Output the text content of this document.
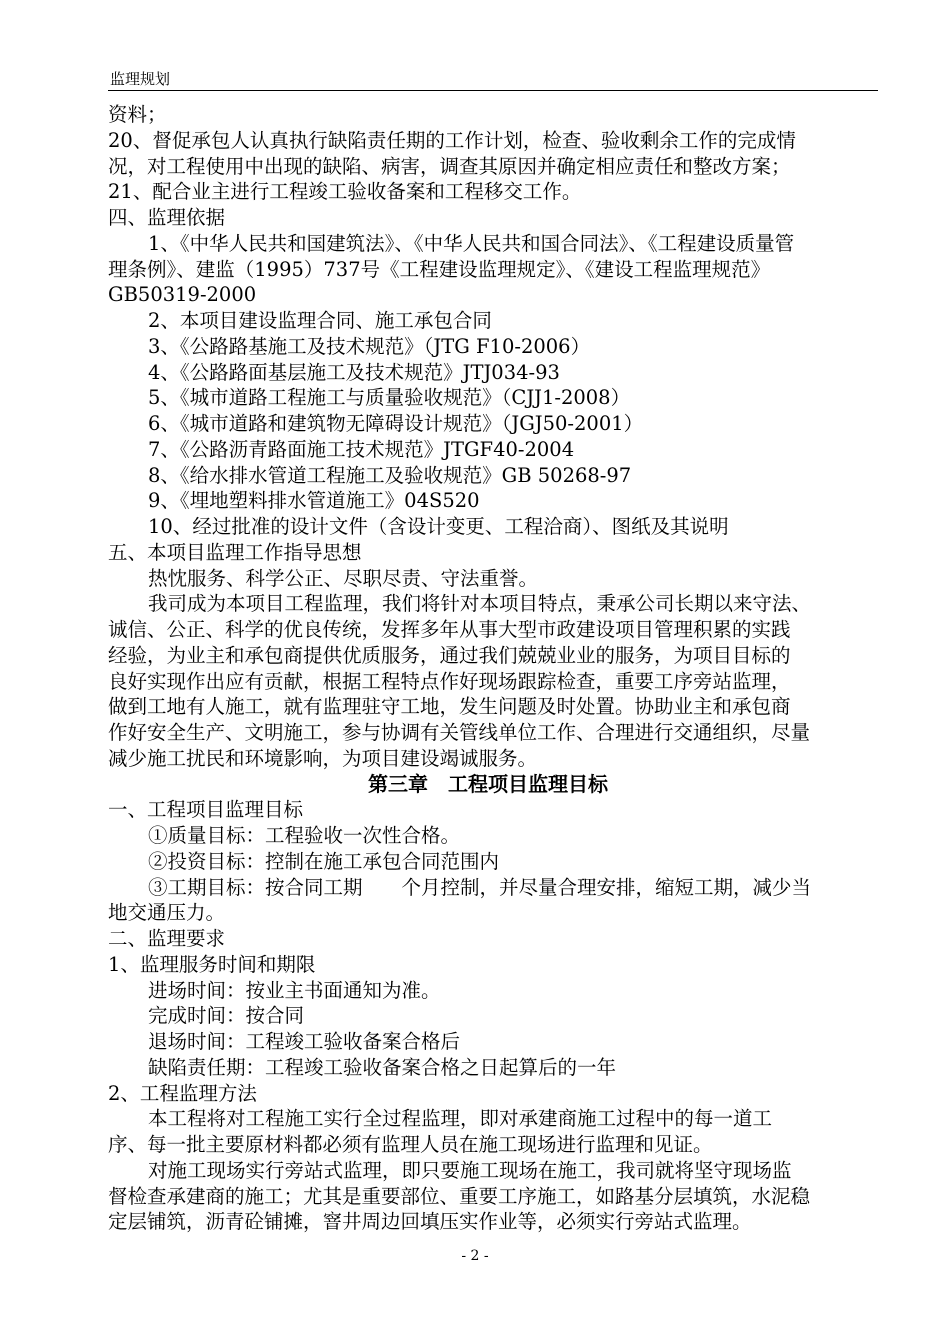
监理规划

资料；

20、督促承包人认真执行缺陷责任期的工作计划，检查、验收剩余工作的完成情

况，对工程使用中出现的缺陷、病害，调查其原因并确定相应责任和整改方案；

21、配合业主进行工程竣工验收备案和工程移交工作。

四、监理依据

1、《中华人民共和国建筑法》、《中华人民共和国合同法》、《工程建设质量管

理条例》、建监（1995）737号《工程建设监理规定》、《建设工程监理规范》

GB50319-2000

2、本项目建设监理合同、施工承包合同

3、《公路路基施工及技术规范》（JTG F10-2006）

4、《公路路面基层施工及技术规范》JTJ034-93

5、《城市道路工程施工与质量验收规范》（CJJ1-2008）

6、《城市道路和建筑物无障碍设计规范》（JGJ50-2001）

7、《公路沥青路面施工技术规范》JTGF40-2004

8、《给水排水管道工程施工及验收规范》GB 50268-97

9、《埋地塑料排水管道施工》04S520

10、经过批准的设计文件（含设计变更、工程洽商）、图纸及其说明

五、本项目监理工作指导思想

热忱服务、科学公正、尽职尽责、守法重誉。

我司成为本项目工程监理，我们将针对本项目特点，秉承公司长期以来守法、

诚信、公正、科学的优良传统，发挥多年从事大型市政建设项目管理积累的实践

经验，为业主和承包商提供优质服务，通过我们兢兢业业的服务，为项目目标的

良好实现作出应有贡献，根据工程特点作好现场跟踪检查，重要工序旁站监理，

做到工地有人施工，就有监理驻守工地，发生问题及时处置。协助业主和承包商

作好安全生产、文明施工，参与协调有关管线单位工作、合理进行交通组织，尽量

减少施工扰民和环境影响，为项目建设竭诚服务。

第三章　工程项目监理目标

一、工程项目监理目标

①质量目标：工程验收一次性合格。

②投资目标：控制在施工承包合同范围内

③工期目标：按合同工期　　个月控制，并尽量合理安排，缩短工期，减少当

地交通压力。

二、监理要求

1、监理服务时间和期限

进场时间：按业主书面通知为准。

完成时间：按合同

退场时间：工程竣工验收备案合格后

缺陷责任期：工程竣工验收备案合格之日起算后的一年

2、工程监理方法

本工程将对工程施工实行全过程监理，即对承建商施工过程中的每一道工

序、每一批主要原材料都必须有监理人员在施工现场进行监理和见证。

对施工现场实行旁站式监理，即只要施工现场在施工，我司就将坚守现场监

督检查承建商的施工；尤其是重要部位、重要工序施工，如路基分层填筑，水泥稳

定层铺筑，沥青砼铺摊，窨井周边回填压实作业等，必须实行旁站式监理。

- 2 -
